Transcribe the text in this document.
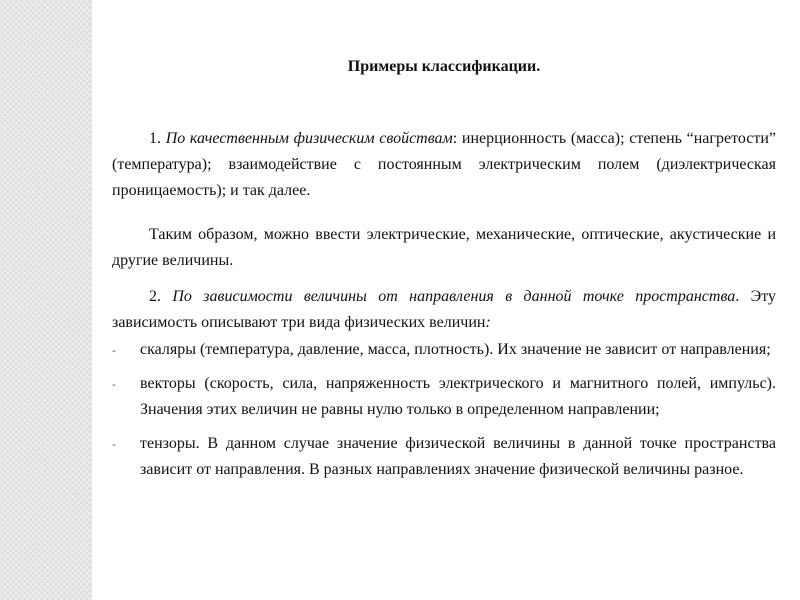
Примеры классификации.

1. По качественным физическим свойствам: инерционность (масса); степень “нагретости” (температура); взаимодействие с постоянным электрическим полем (диэлектрическая проницаемость); и так далее.

Таким образом, можно ввести электрические, механические, оптические, акустические и другие величины.

2. По зависимости величины от направления в данной точке пространства. Эту зависимость описывают три вида физических величин:

-	скаляры (температура, давление, масса, плотность). Их значение не зависит от направления;
-	векторы (скорость, сила, напряженность электрического и магнитного полей, импульс). Значения этих величин не равны нулю только в определенном направлении;
-	тензоры. В данном случае значение физической величины в данной точке пространства зависит от направления. В разных направлениях значение физической величины разное.
